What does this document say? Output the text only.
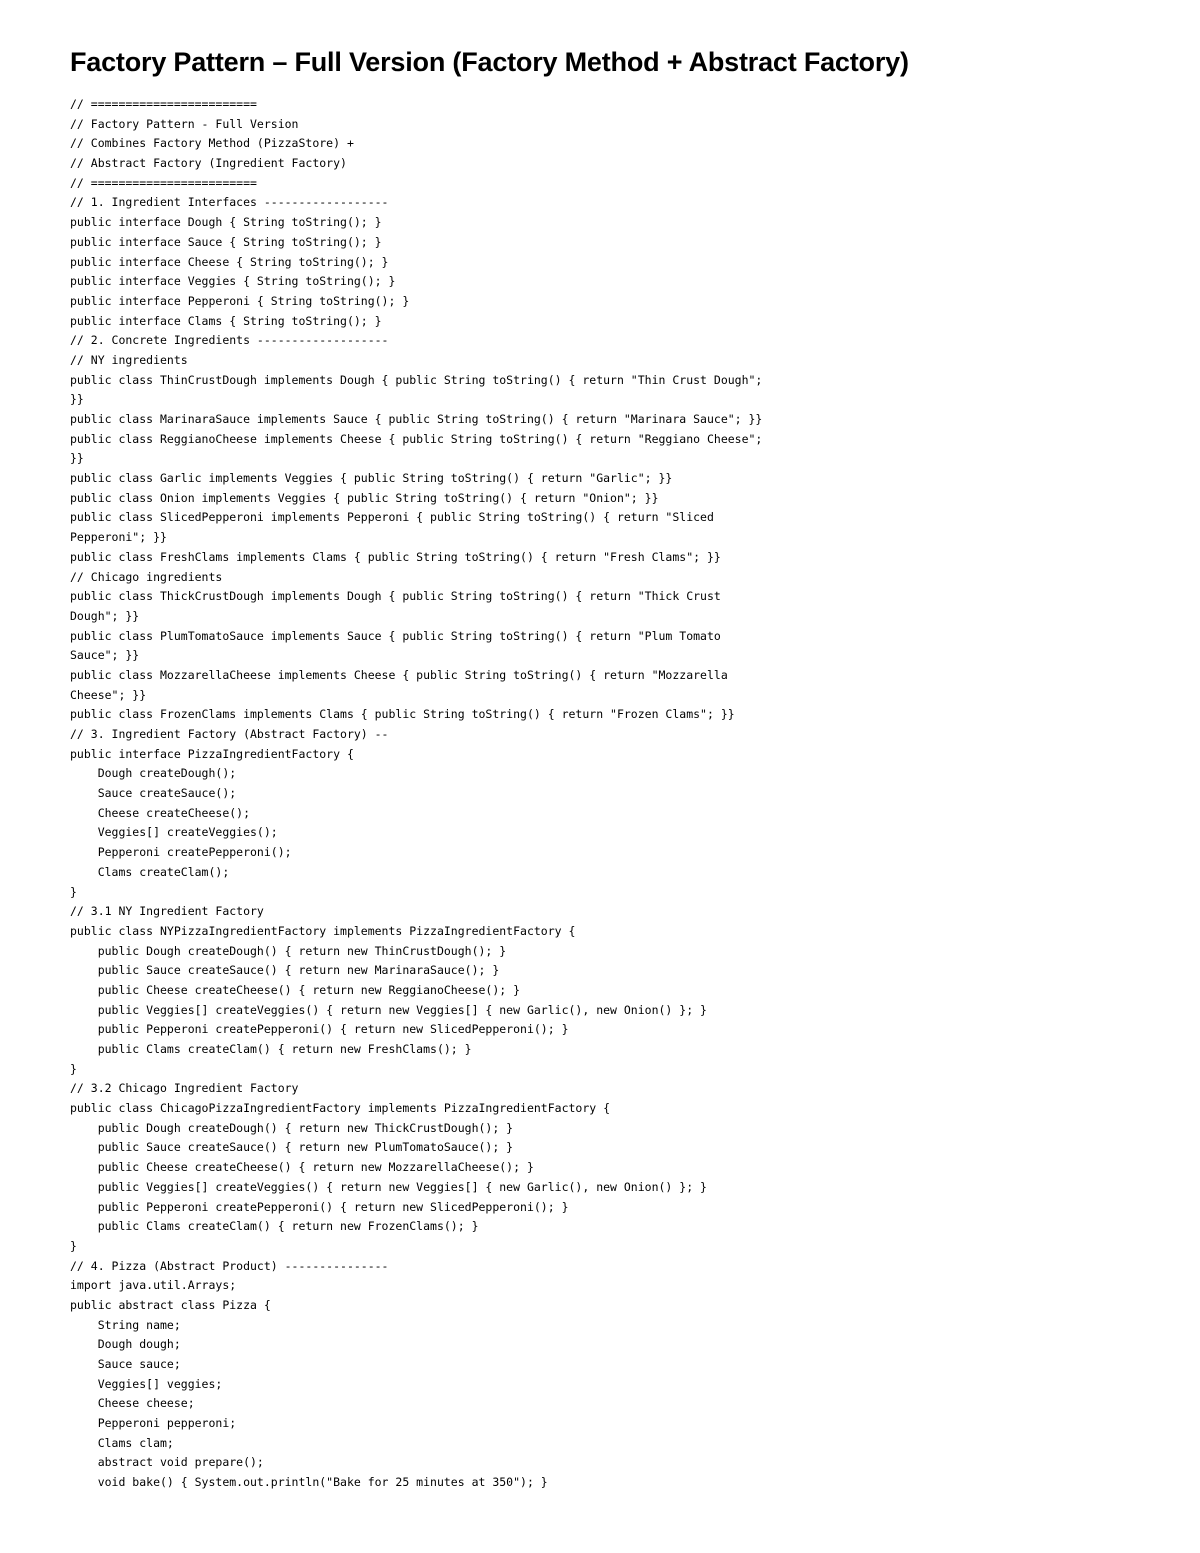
Factory Pattern – Full Version (Factory Method + Abstract Factory)
// ========================
// Factory Pattern - Full Version
// Combines Factory Method (PizzaStore) +
// Abstract Factory (Ingredient Factory)
// ========================
// 1. Ingredient Interfaces ------------------
public interface Dough { String toString(); }
public interface Sauce { String toString(); }
public interface Cheese { String toString(); }
public interface Veggies { String toString(); }
public interface Pepperoni { String toString(); }
public interface Clams { String toString(); }
// 2. Concrete Ingredients -------------------
// NY ingredients
public class ThinCrustDough implements Dough { public String toString() { return "Thin Crust Dough";
}}
public class MarinaraSauce implements Sauce { public String toString() { return "Marinara Sauce"; }}
public class ReggianoCheese implements Cheese { public String toString() { return "Reggiano Cheese";
}}
public class Garlic implements Veggies { public String toString() { return "Garlic"; }}
public class Onion implements Veggies { public String toString() { return "Onion"; }}
public class SlicedPepperoni implements Pepperoni { public String toString() { return "Sliced
Pepperoni"; }}
public class FreshClams implements Clams { public String toString() { return "Fresh Clams"; }}
// Chicago ingredients
public class ThickCrustDough implements Dough { public String toString() { return "Thick Crust
Dough"; }}
public class PlumTomatoSauce implements Sauce { public String toString() { return "Plum Tomato
Sauce"; }}
public class MozzarellaCheese implements Cheese { public String toString() { return "Mozzarella
Cheese"; }}
public class FrozenClams implements Clams { public String toString() { return "Frozen Clams"; }}
// 3. Ingredient Factory (Abstract Factory) --
public interface PizzaIngredientFactory {
Dough createDough();
Sauce createSauce();
Cheese createCheese();
Veggies[] createVeggies();
Pepperoni createPepperoni();
Clams createClam();
}
// 3.1 NY Ingredient Factory
public class NYPizzaIngredientFactory implements PizzaIngredientFactory {
public Dough createDough() { return new ThinCrustDough(); }
public Sauce createSauce() { return new MarinaraSauce(); }
public Cheese createCheese() { return new ReggianoCheese(); }
public Veggies[] createVeggies() { return new Veggies[] { new Garlic(), new Onion() }; }
public Pepperoni createPepperoni() { return new SlicedPepperoni(); }
public Clams createClam() { return new FreshClams(); }
}
// 3.2 Chicago Ingredient Factory
public class ChicagoPizzaIngredientFactory implements PizzaIngredientFactory {
public Dough createDough() { return new ThickCrustDough(); }
public Sauce createSauce() { return new PlumTomatoSauce(); }
public Cheese createCheese() { return new MozzarellaCheese(); }
public Veggies[] createVeggies() { return new Veggies[] { new Garlic(), new Onion() }; }
public Pepperoni createPepperoni() { return new SlicedPepperoni(); }
public Clams createClam() { return new FrozenClams(); }
}
// 4. Pizza (Abstract Product) ---------------
import java.util.Arrays;
public abstract class Pizza {
String name;
Dough dough;
Sauce sauce;
Veggies[] veggies;
Cheese cheese;
Pepperoni pepperoni;
Clams clam;
abstract void prepare();
void bake() { System.out.println("Bake for 25 minutes at 350"); }
